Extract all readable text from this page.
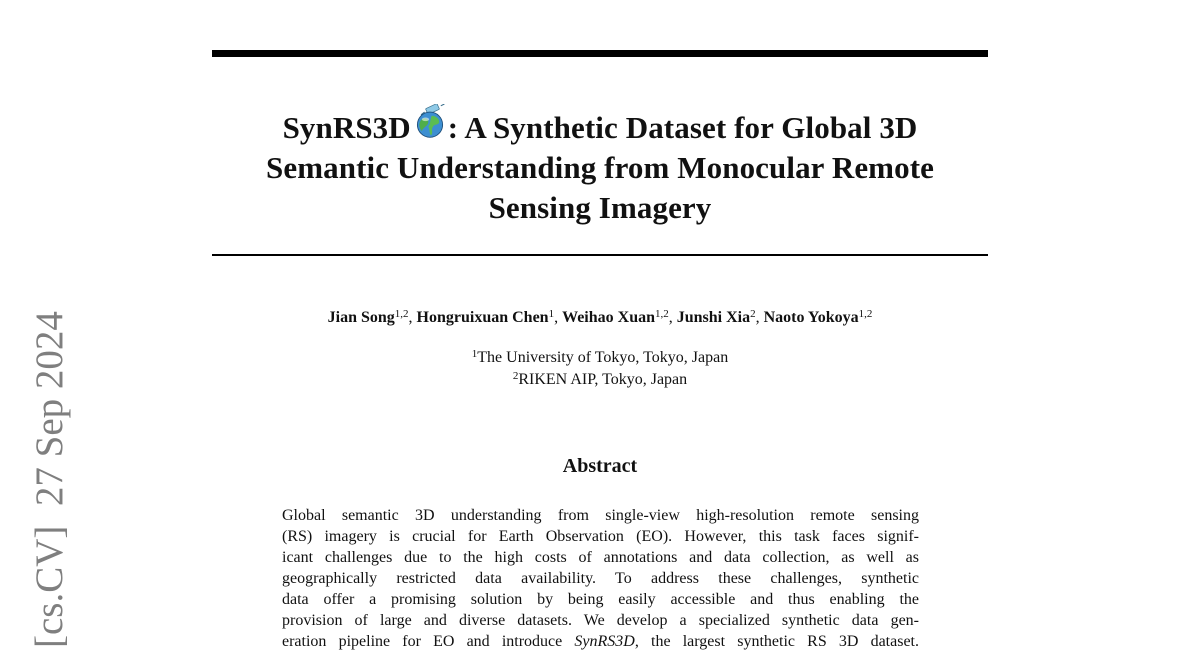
[cs.CV]  27 Sep 2024
SynRS3D : A Synthetic Dataset for Global 3D
Semantic Understanding from Monocular Remote
Sensing Imagery
Jian Song$^{1,2}$, Hongruixuan Chen$^1$, Weihao Xuan$^{1,2}$, Junshi Xia$^2$, Naoto Yokoya$^{1,2}$
$^1$The University of Tokyo, Tokyo, Japan
$^2$RIKEN AIP, Tokyo, Japan
Abstract
Global semantic 3D understanding from single-view high-resolution remote sensing
(RS) imagery is crucial for Earth Observation (EO). However, this task faces signif-
icant challenges due to the high costs of annotations and data collection, as well as
geographically restricted data availability. To address these challenges, synthetic
data offer a promising solution by being easily accessible and thus enabling the
provision of large and diverse datasets. We develop a specialized synthetic data gen-
eration pipeline for EO and introduce SynRS3D, the largest synthetic RS 3D dataset.
